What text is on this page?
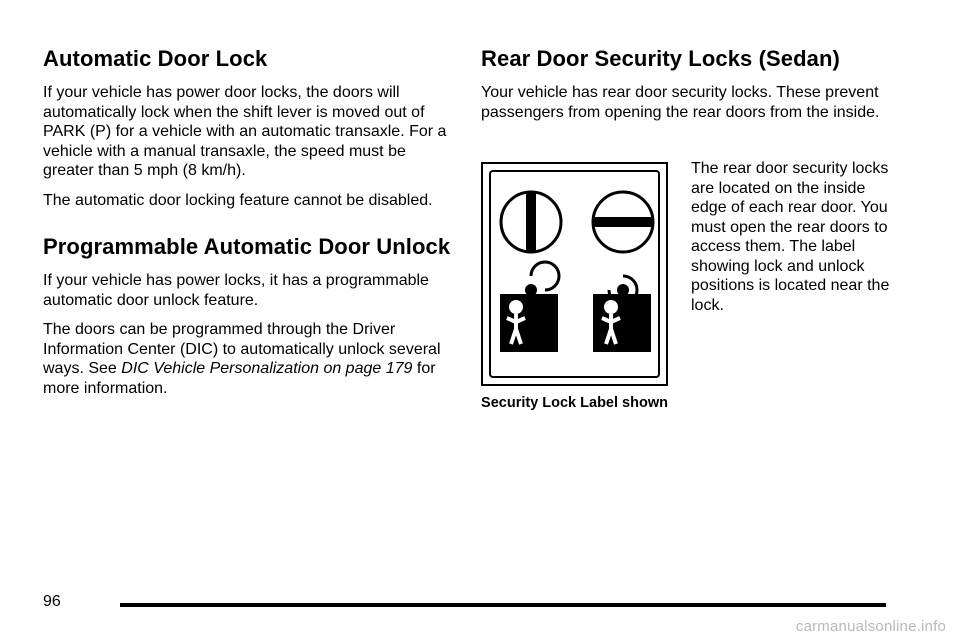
Automatic Door Lock

If your vehicle has power door locks, the doors will automatically lock when the shift lever is moved out of PARK (P) for a vehicle with an automatic transaxle. For a vehicle with a manual transaxle, the speed must be greater than 5 mph (8 km/h).

The automatic door locking feature cannot be disabled.

Programmable Automatic Door Unlock

If your vehicle has power locks, it has a programmable automatic door unlock feature.

The doors can be programmed through the Driver Information Center (DIC) to automatically unlock several ways. See DIC Vehicle Personalization on page 179 for more information.

Rear Door Security Locks (Sedan)

Your vehicle has rear door security locks. These prevent passengers from opening the rear doors from the inside.

Security Lock Label shown
The rear door security locks are located on the inside edge of each rear door. You must open the rear doors to access them. The label showing lock and unlock positions is located near the lock.
96
carmanualsonline.info
